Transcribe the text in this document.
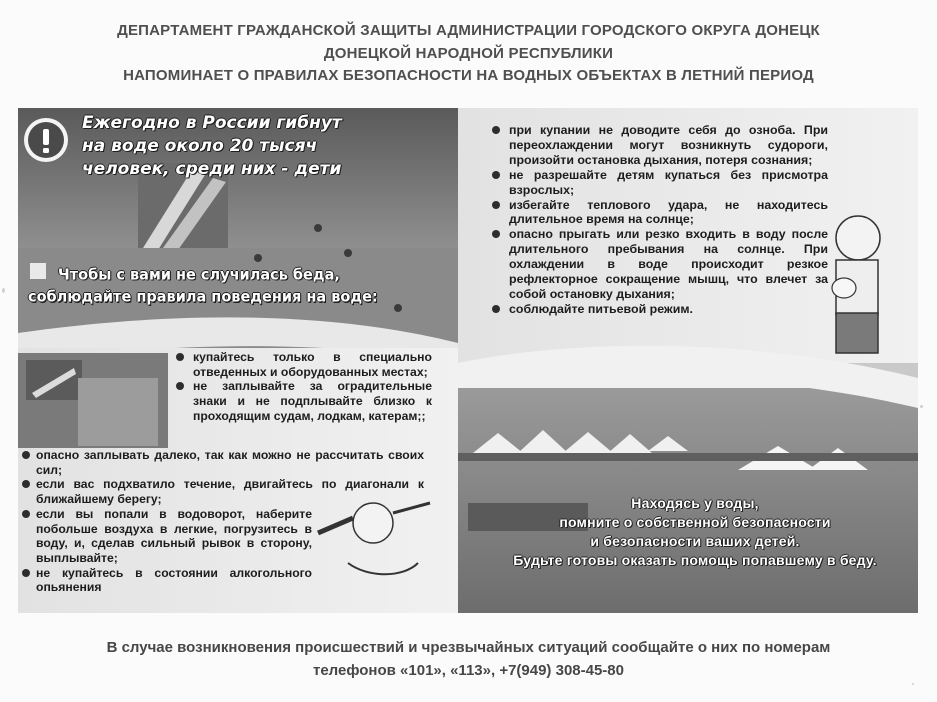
ДЕПАРТАМЕНТ ГРАЖДАНСКОЙ ЗАЩИТЫ АДМИНИСТРАЦИИ ГОРОДСКОГО ОКРУГА ДОНЕЦК
ДОНЕЦКОЙ НАРОДНОЙ РЕСПУБЛИКИ
НАПОМИНАЕТ О ПРАВИЛАХ БЕЗОПАСНОСТИ НА ВОДНЫХ ОБЪЕКТАХ В ЛЕТНИЙ ПЕРИОД
Ежегодно в России гибнут
на воде около 20 тысяч
человек, среди них - дети
Чтобы с вами не случилась беда,
соблюдайте правила поведения на воде:
купайтесь только в специально отведенных и оборудованных местах;
не заплывайте за оградительные знаки и не подплывайте близко к проходящим судам, лодкам, катерам;;
опасно заплывать далеко, так как можно не рассчитать своих сил;
если вас подхватило течение, двигайтесь по диагонали к ближайшему берегу;
если вы попали в водоворот, наберите побольше воздуха в легкие, погрузитесь в воду, и, сделав сильный рывок в сторону, выплывайте;
не купайтесь в состоянии алкогольного опьянения
при купании не доводите себя до озноба. При переохлаждении могут возникнуть судороги, произойти остановка дыхания, потеря сознания;
не разрешайте детям купаться без присмотра взрослых;
избегайте теплового удара, не находитесь длительное время на солнце;
опасно прыгать или резко входить в воду после длительного пребывания на солнце. При охлаждении в воде происходит резкое рефлекторное сокращение мышц, что влечет за собой остановку дыхания;
соблюдайте питьевой режим.
Находясь у воды,
помните о собственной безопасности
и безопасности ваших детей.
Будьте готовы оказать помощь попавшему в беду.
В случае возникновения происшествий и чрезвычайных ситуаций сообщайте о них по номерам
телефонов «101», «113», +7(949) 308-45-80
